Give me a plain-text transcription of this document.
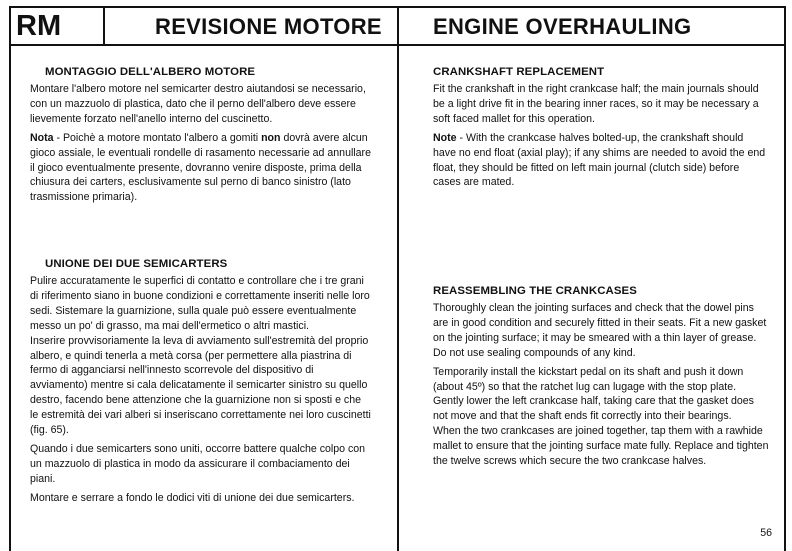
RM	REVISIONE MOTORE ENGINE OVERHAULING
MONTAGGIO DELL'ALBERO MOTORE

Montare l'albero motore nel semicarter destro aiutandosi se necessario, con un mazzuolo di plastica, dato che il perno dell'albero deve essere lievemente forzato nell'anello interno del cuscinetto.

Nota - Poichè a motore montato l'albero a gomiti non dovrà avere alcun gioco assiale, le eventuali rondelle di rasamento necessarie ad annullare il gioco eventualmente presente, dovranno venire disposte, prima della chiusura dei carters, esclusivamente sul perno di banco sinistro (lato trasmissione primaria).

UNIONE DEI DUE SEMICARTERS

Pulire accuratamente le superfici di contatto e controllare che i tre grani di riferimento siano in buone condizioni e correttamente inseriti nelle loro sedi. Sistemare la guarnizione, sulla quale può essere eventualmente messo un po' di grasso, ma mai dell'ermetico o altri mastici.

Inserire provvisoriamente la leva di avviamento sull'estremità del proprio albero, e quindi tenerla a metà corsa (per permettere alla piastrina di fermo di agganciarsi nell'innesto scorrevole del dispositivo di avviamento) mentre si cala delicatamente il semicarter sinistro su quello destro, facendo bene attenzione che la guarnizione non si sposti e che le estremità dei vari alberi si inseriscano correttamente nei loro cuscinetti (fig. 65).

Quando i due semicarters sono uniti, occorre battere qualche colpo con un mazzuolo di plastica in modo da assicurare il combaciamento dei piani.

Montare e serrare a fondo le dodici viti di unione dei due semicarters.

CRANKSHAFT REPLACEMENT

Fit the crankshaft in the right crankcase half; the main journals should be a light drive fit in the bearing inner races, so it may be necessary a soft faced mallet for this operation.

Note - With the crankcase halves bolted-up, the crankshaft should have no end float (axial play); if any shims are needed to avoid the end float, they should be fitted on left main journal (clutch side) before cases are mated.

REASSEMBLING THE CRANKCASES

Thoroughly clean the jointing surfaces and check that the dowel pins are in good condition and securely fitted in their seats. Fit a new gasket on the jointing surface; it may be smeared with a thin layer of grease. Do not use sealing compounds of any kind.

Temporarily install the kickstart pedal on its shaft and push it down (about 45º) so that the ratchet lug can lugage with the stop plate.

Gently lower the left crankcase half, taking care that the gasket does not move and that the shaft ends fit correctly into their bearings.

When the two crankcases are joined together, tap them with a rawhide mallet to ensure that the jointing surface mate fully. Replace and tighten the twelve screws which secure the two crankcase halves.

56
